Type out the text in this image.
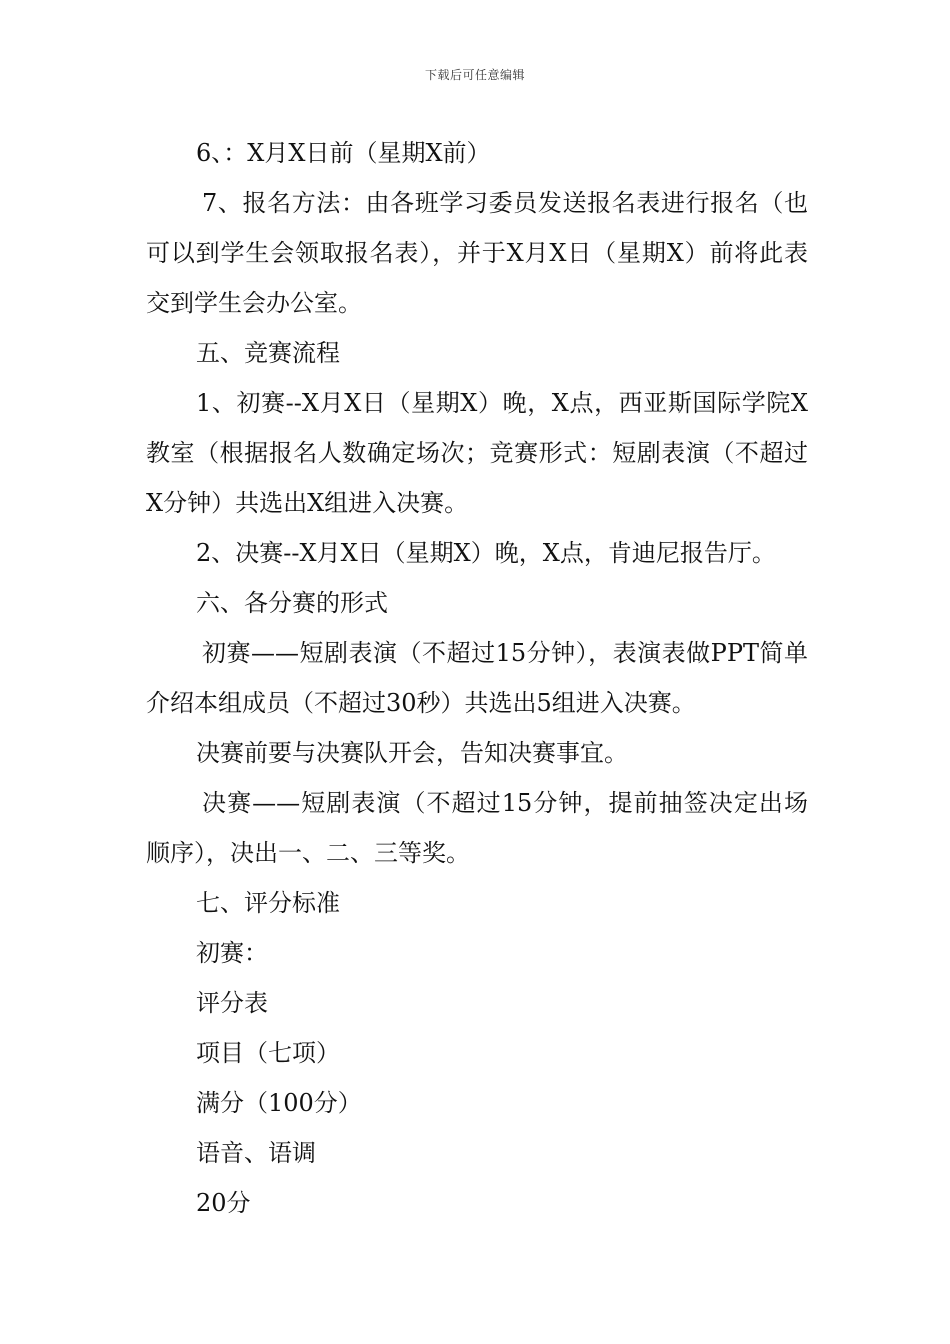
下载后可任意编辑

6、：X月X日前（星期X前）

7、报名方法：由各班学习委员发送报名表进行报名（也可以到学生会领取报名表），并于X月X日（星期X）前将此表交到学生会办公室。

五、竞赛流程

1、初赛--X月X日（星期X）晚，X点，西亚斯国际学院X教室（根据报名人数确定场次；竞赛形式：短剧表演（不超过X分钟）共选出X组进入决赛。

2、决赛--X月X日（星期X）晚，X点，肯迪尼报告厅。

六、各分赛的形式

初赛——短剧表演（不超过15分钟），表演表做PPT简单介绍本组成员（不超过30秒）共选出5组进入决赛。

决赛前要与决赛队开会，告知决赛事宜。

决赛——短剧表演（不超过15分钟，提前抽签决定出场顺序），决出一、二、三等奖。

七、评分标准

初赛：

评分表

项目（七项）

满分（100分）

语音、语调

20分
